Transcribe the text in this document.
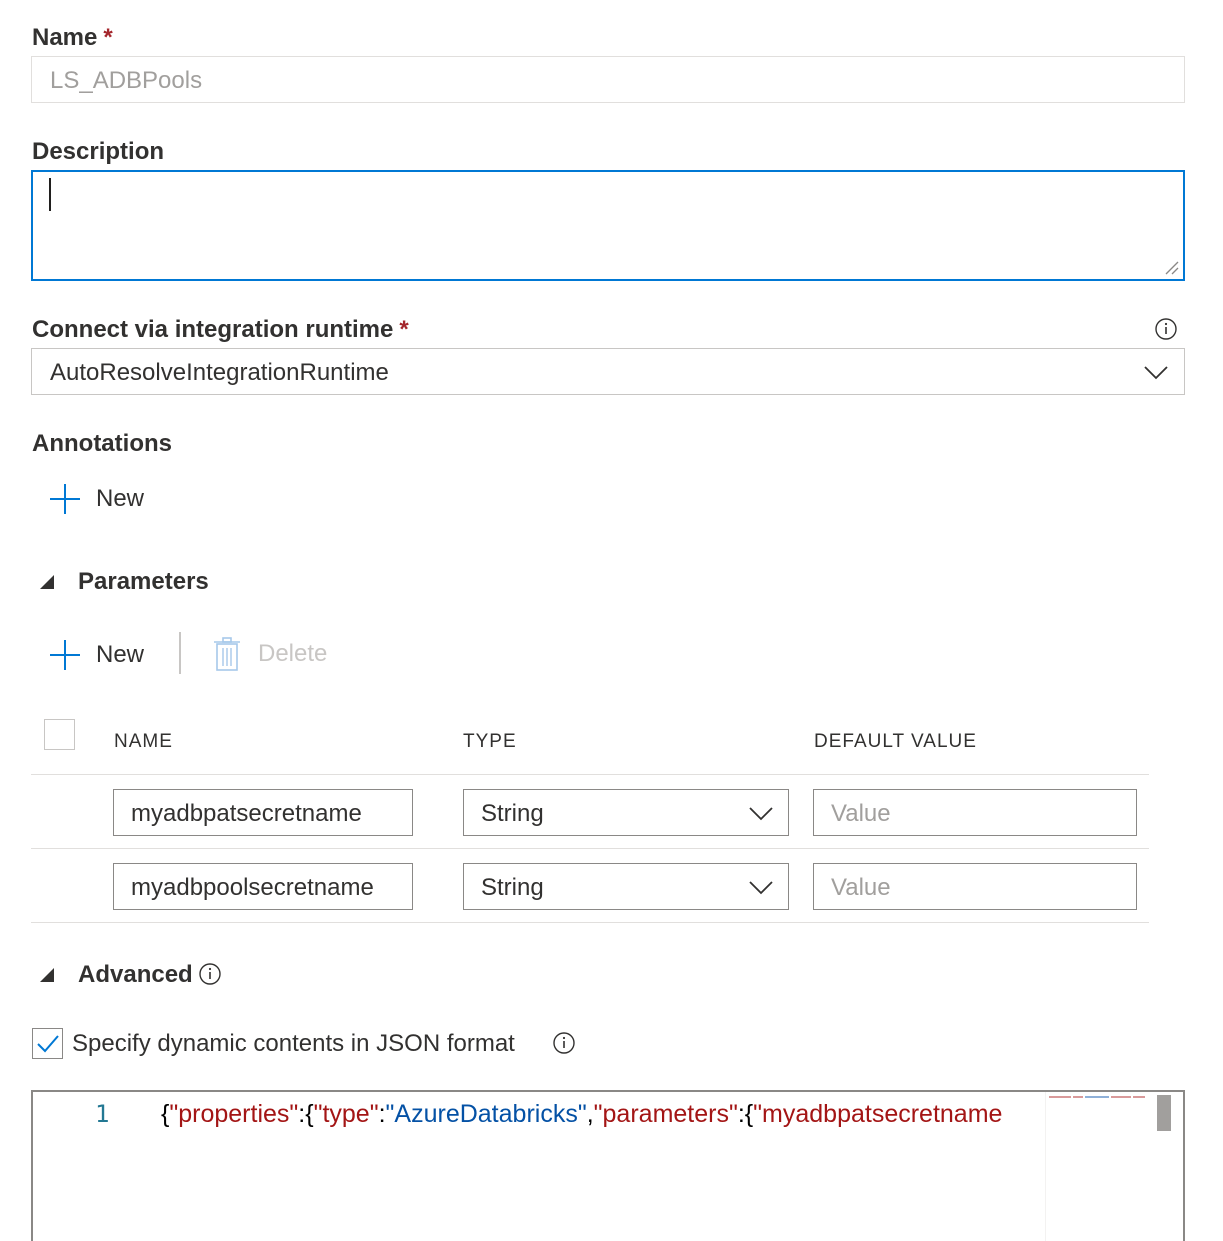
Name *
LS_ADBPools
Description
Connect via integration runtime *
AutoResolveIntegrationRuntime
Annotations
New
Parameters
New	Delete
NAME	TYPE	DEFAULT VALUE
myadbpatsecretname	String	Value
myadbpoolsecretname	String	Value
Advanced
Specify dynamic contents in JSON format
1 {"properties":{"type":"AzureDatabricks","parameters":{"myadbpatsecretname
